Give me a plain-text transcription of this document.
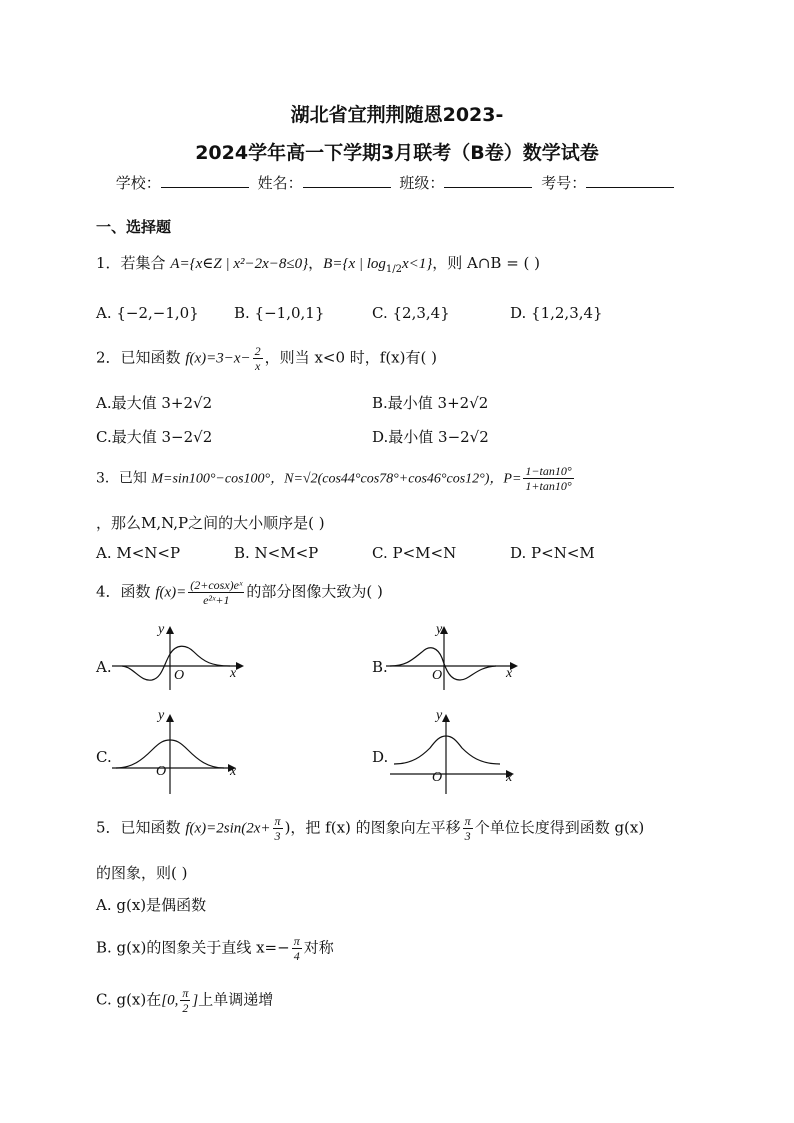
湖北省宜荆荆随恩2023-
2024学年高一下学期3月联考（B卷）数学试卷
学校：	姓名：	班级：	考号：
一、选择题
1．若集合 A={x∈Z | x²−2x−8≤0}，B={x | $\log_{1/2}x<1$}，则 A∩B = ( )
A. {−2,−1,0} B. {−1,0,1}	C. {2,3,4}	D. {1,2,3,4}
2．已知函数 $f(x)=3-x- \frac{2}{x}$ ，则当 x<0 时，f(x)有( )
A.最大值 3+2√2	B.最小值 3+2√2
C.最大值 3−2√2	D.最小值 3−2√2
3．已知 M=sin100°−cos100°，N=√2(cos44°cos78°+cos46°cos12°)，$P= \frac{1-\tan 10^\circ}{1+\tan 10^\circ}$
，那么M,N,P之间的大小顺序是( )
A. M<N<P	B. N<M<P	C. P<M<N	D. P<N<M
4．函数 $f(x)= \frac{\text{(2+cosx)eˣ}}{\text{e²ˣ+1}}$ 的部分图像大致为( )
A.	x
y
O	B.	x
y
O
C.
x
y
O
D.
x
y
O
5．已知函数 $f(x)=2\sin(2x+ \frac{\pi}{3}$ )，把 f(x) 的图象向左平移 $\frac{\pi}{3}$ 个单位长度得到函数 g(x)
的图象，则( )
A. g(x)是偶函数
B. g(x)的图象关于直线 $x=- \frac{\pi}{4}$ 对称
C. g(x)在[0, $\frac{\pi}{2}$ ]上单调递增
